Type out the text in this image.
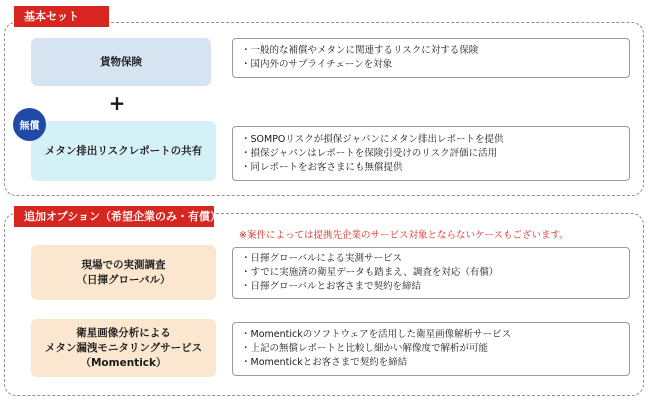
基本セット
貨物保険
・一般的な補償やメタンに関連するリスクに対する保険
・国内外のサプライチェーンを対象
+
メタン排出リスクレポートの共有
無償
・SOMPOリスクが損保ジャパンにメタン排出レポートを提供
・損保ジャパンはレポートを保険引受けのリスク評価に活用
・同レポートをお客さまにも無償提供
追加オプション（希望企業のみ・有償）
※案件によっては提携先企業のサービス対象とならないケースもございます。
現場での実測調査
（日揮グローバル）
・日揮グローバルによる実測サービス
・すでに実施済の衛星データも踏まえ、調査を対応（有償）
・日揮グローバルとお客さまで契約を締結
衛星画像分析による
メタン漏洩モニタリングサービス
（Momentick）
・Momentickのソフトウェアを活用した衛星画像解析サービス
・上記の無償レポートと比較し細かい解像度で解析が可能
・Momentickとお客さまで契約を締結
